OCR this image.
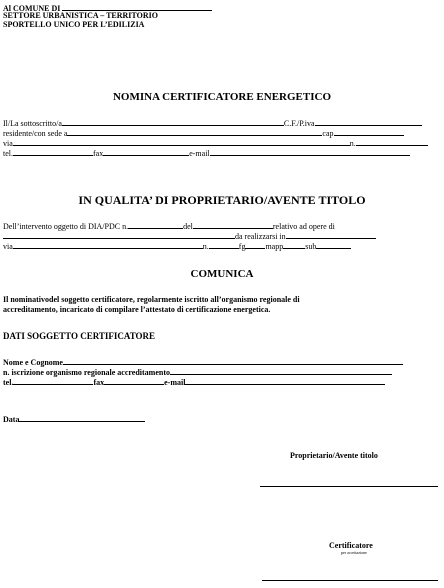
Al COMUNE DI
SETTORE URBANISTICA – TERRITORIO
SPORTELLO UNICO PER L’EDILIZIA
NOMINA CERTIFICATORE ENERGETICO
Il/La sottoscritto/a	C.F./P.iva
residente/con sede a	cap
via	n.
tel.	fax	e-mail
IN QUALITA’ DI PROPRIETARIO/AVENTE TITOLO
Dell’intervento oggetto di DIA/PDC n.	del	relativo ad opere di
da realizzarsi in
via	n.	fg	mapp	sub
COMUNICA
Il nominativodel soggetto certificatore, regolarmente iscritto all’organismo regionale di
accreditamento, incaricato di compilare l’attestato di certificazione energetica.
DATI SOGGETTO CERTIFICATORE
Nome e Cognome
n. iscrizione organismo regionale accreditamento
tel.	fax	e-mail
Data
Proprietario/Avente titolo
Certificatore
per accettazione
